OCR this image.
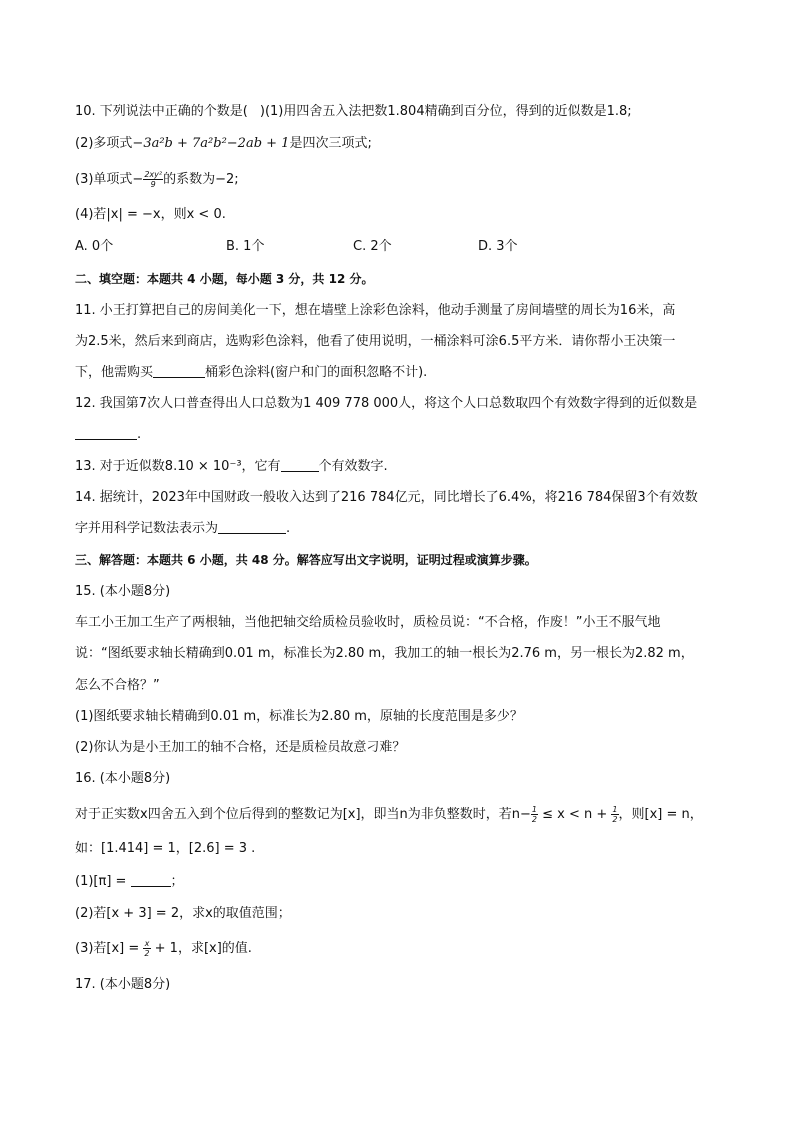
10. 下列说法中正确的个数是( )(1)用四舍五入法把数1.804精确到百分位，得到的近似数是1.8;
(2)多项式−3a²b + 7a²b²−2ab + 1是四次三项式;
(3)单项式− $\frac{\text{2xy²}}{9}$ 的系数为−2;
(4)若|x| = −x，则x < 0.
A. 0个	B. 1个	C. 2个	D. 3个
二、填空题：本题共 4 小题，每小题 3 分，共 12 分。
11. 小王打算把自己的房间美化一下，想在墙壁上涂彩色涂料，他动手测量了房间墙壁的周长为16米，高
为2.5米，然后来到商店，选购彩色涂料，他看了使用说明，一桶涂料可涂6.5平方米．请你帮小王决策一
下，他需购买	桶彩色涂料(窗户和门的面积忽略不计).
12. 我国第7次人口普查得出人口总数为1 409 778 000人，将这个人口总数取四个有效数字得到的近似数是
.
13. 对于近似数8.10 × 10⁻³，它有	个有效数字.
14. 据统计，2023年中国财政一般收入达到了216 784亿元，同比增长了6.4%，将216 784保留3个有效数
字并用科学记数法表示为	.
三、解答题：本题共 6 小题，共 48 分。解答应写出文字说明，证明过程或演算步骤。
15. (本小题8分)
车工小王加工生产了两根轴，当他把轴交给质检员验收时，质检员说：“不合格，作废！”小王不服气地
说：“图纸要求轴长精确到0.01 m，标准长为2.80 m，我加工的轴一根长为2.76 m，另一根长为2.82 m，
怎么不合格？”
(1)图纸要求轴长精确到0.01 m，标准长为2.80 m，原轴的长度范围是多少？
(2)你认为是小王加工的轴不合格，还是质检员故意刁难？
16. (本小题8分)
对于正实数x四舍五入到个位后得到的整数记为[x]，即当n为非负整数时，若$n- \frac{1}{2} \le x < n + \frac{1}{2}$ ，则[x] = n，
如：[1.414] = 1，[2.6] = 3 .
(1)[π] =	；
(2)若[x + 3] = 2，求x的取值范围；
(3)若$[x] = \frac{x}{2} + 1$，求[x]的值.
17. (本小题8分)
